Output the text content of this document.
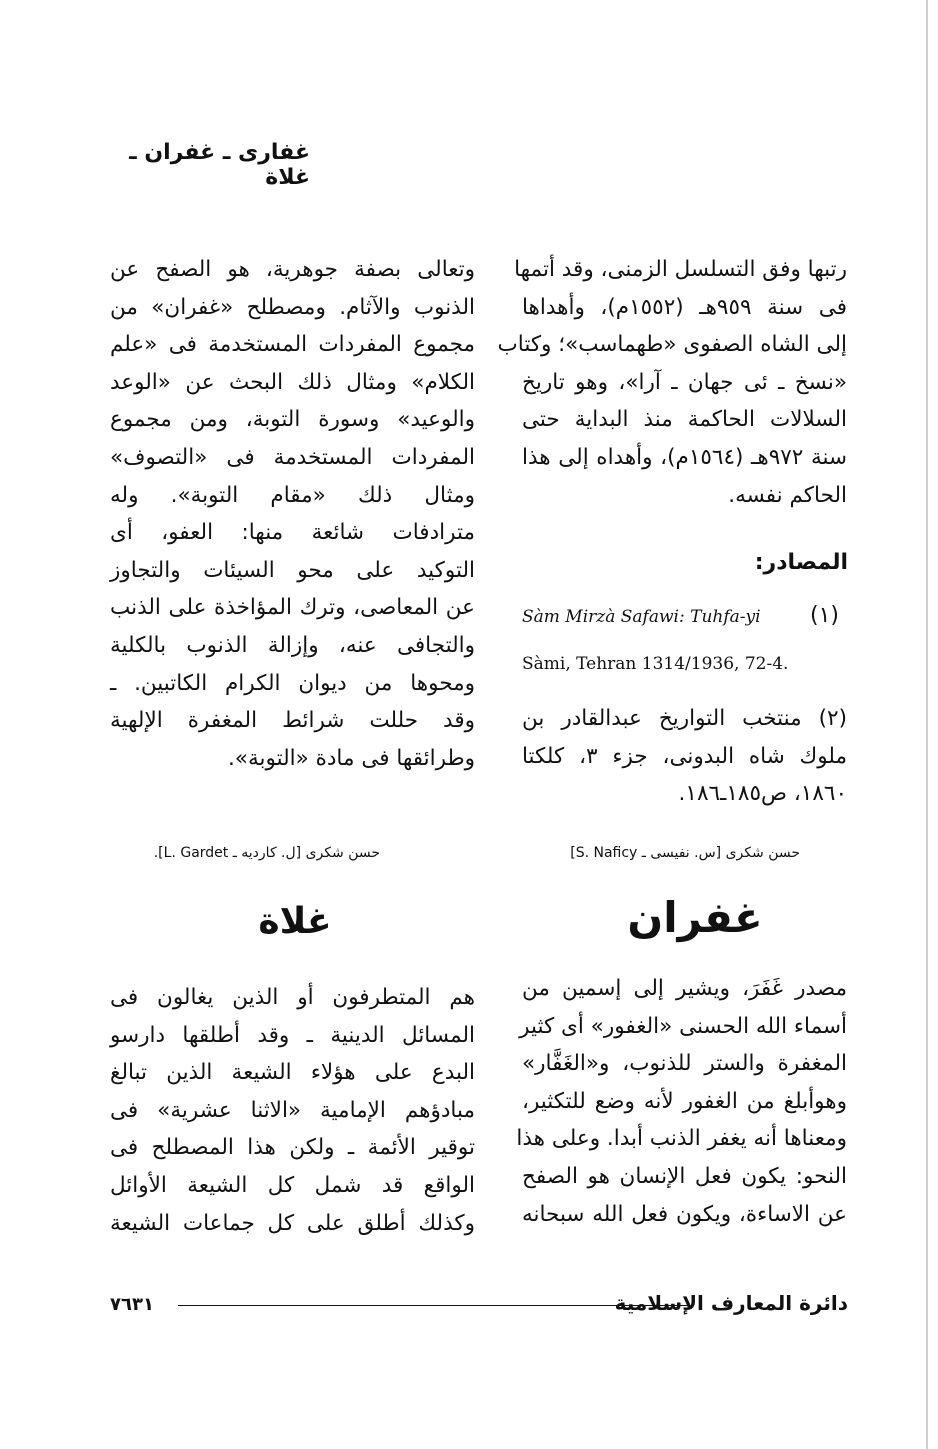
غفارى ـ غفران ـ غلاة
رتبها وفق التسلسل الزمنى، وقد أتمها
فى سنة ٩٥٩هـ (١٥٥٢م)، وأهداها
إلى الشاه الصفوى «طهماسب»؛ وكتاب
«نسخ ـ ئى جهان ـ آرا»، وهو تاريخ
السلالات الحاكمة منذ البداية حتى
سنة ٩٧٢هـ (١٥٦٤م)، وأهداه إلى هذا
الحاكم نفسه.
المصادر:
(١)
Sàm Mirzà Safawi: Tuhfa-yi
Sàmi, Tehran 1314/1936, 72-4.
(٢) منتخب التواريخ عبدالقادر بن
ملوك شاه البدونى، جزء ٣، كلكتا
١٨٦٠، ص١٨٥ـ١٨٦.
حسن شكرى [س. نفيسى ـ S. Naficy]
وتعالى بصفة جوهرية، هو الصفح عن
الذنوب والآثام. ومصطلح «غفران» من
مجموع المفردات المستخدمة فى «علم
الكلام» ومثال ذلك البحث عن «الوعد
والوعيد» وسورة التوبة، ومن مجموع
المفردات المستخدمة فى «التصوف»
ومثال ذلك «مقام التوبة». وله
مترادفات شائعة منها: العفو، أى
التوكيد على محو السيئات والتجاوز
عن المعاصى، وترك المؤاخذة على الذنب
والتجافى عنه، وإزالة الذنوب بالكلية
ومحوها من ديوان الكرام الكاتبين. ـ
وقد حللت شرائط المغفرة الإلهية
وطرائقها فى مادة «التوبة».
حسن شكرى [ل. كارديه ـ L. Gardet].
غفران
غلاة
مصدر غَفَرَ، ويشير إلى إسمين من
أسماء الله الحسنى «الغفور» أى كثير
المغفرة والستر للذنوب، و«الغَفَّار»
وهوأبلغ من الغفور لأنه وضع للتكثير،
ومعناها أنه يغفر الذنب أبدا. وعلى هذا
النحو: يكون فعل الإنسان هو الصفح
عن الاساءة، ويكون فعل الله سبحانه
هم المتطرفون أو الذين يغالون فى
المسائل الدينية ـ وقد أطلقها دارسو
البدع على هؤلاء الشيعة الذين تبالغ
مبادؤهم الإمامية «الاثنا عشرية» فى
توقير الأئمة ـ ولكن هذا المصطلح فى
الواقع قد شمل كل الشيعة الأوائل
وكذلك أطلق على كل جماعات الشيعة
دائرة المعارف الإسلامية
٧٦٣١
